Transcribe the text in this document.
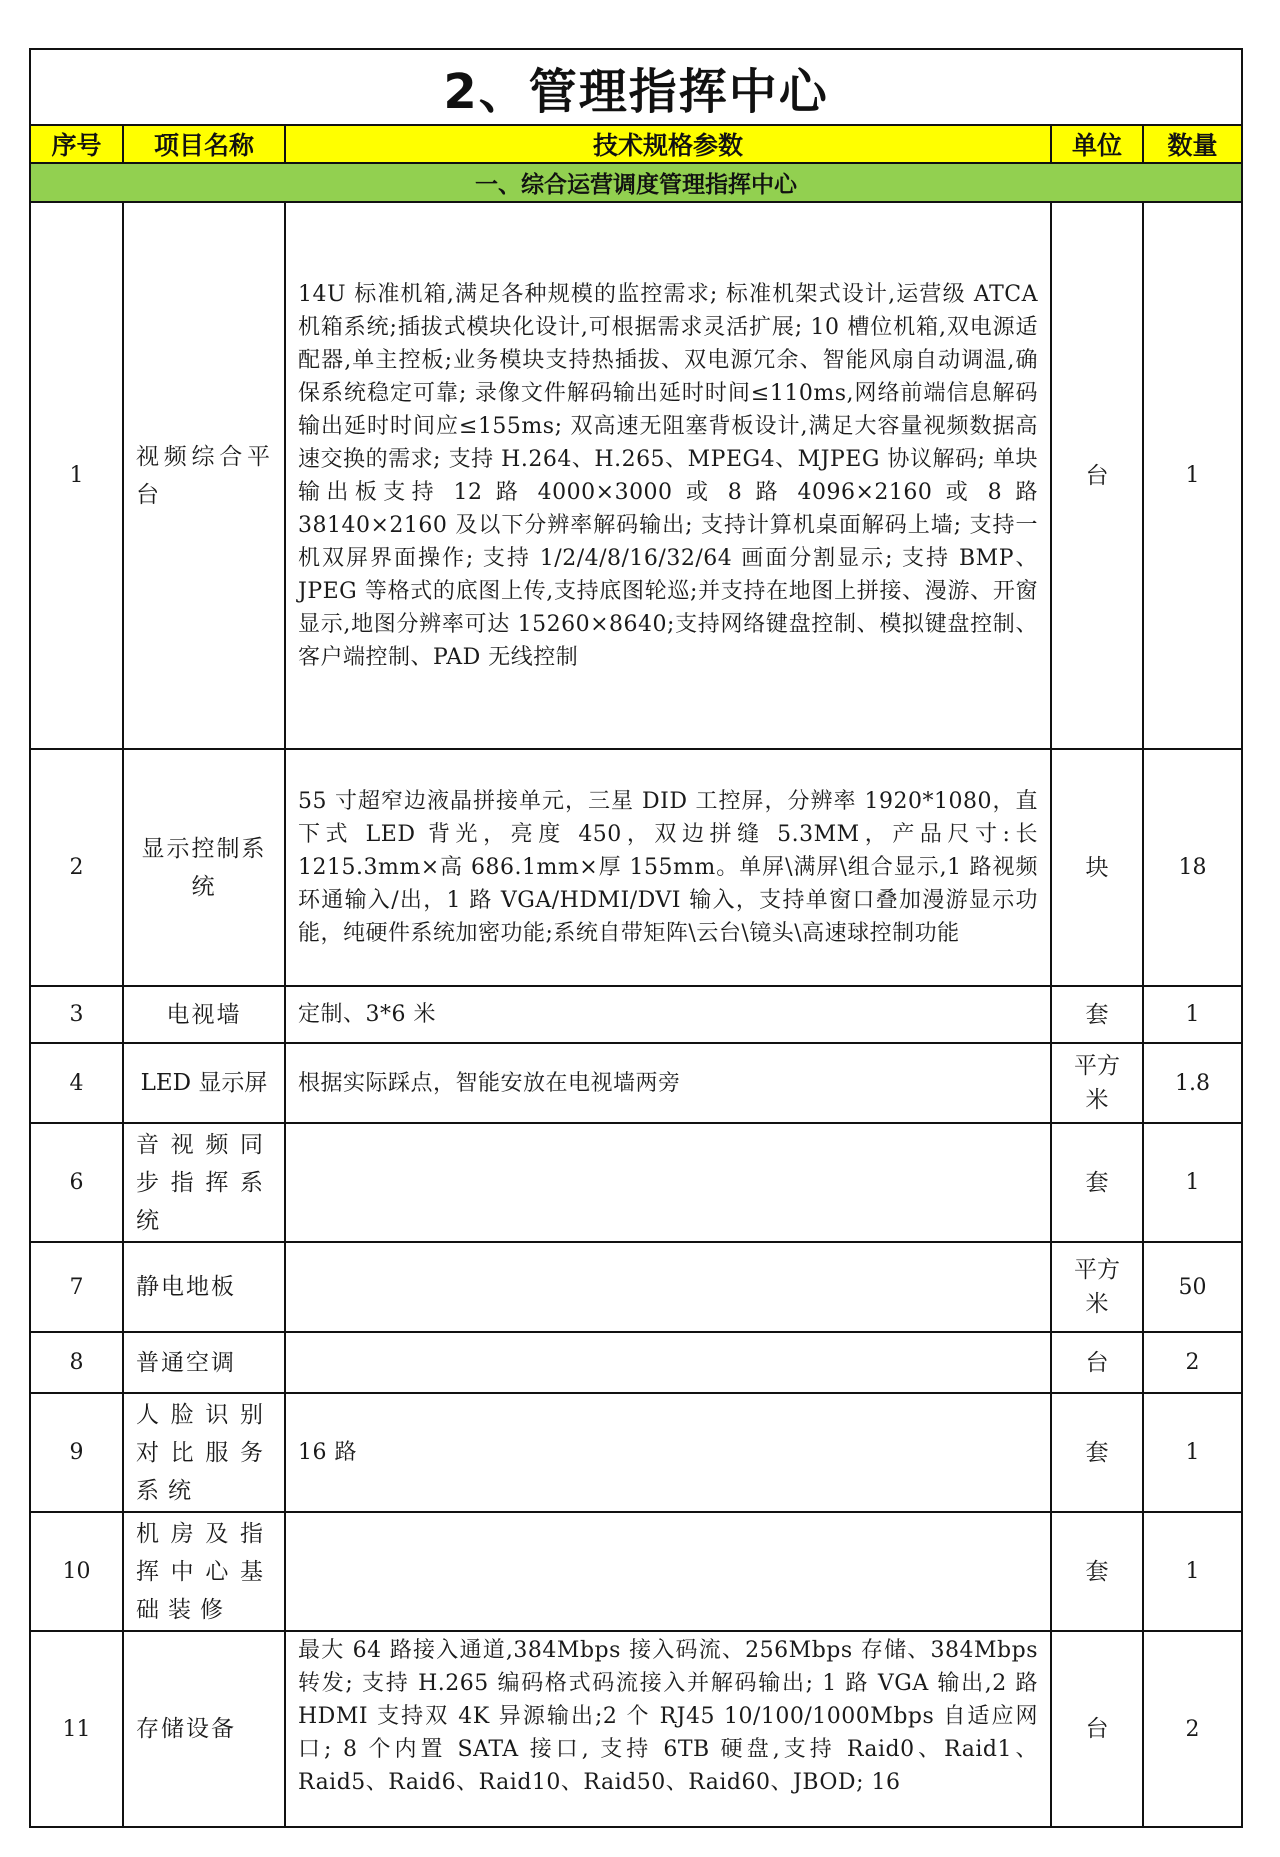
2、管理指挥中心				
序号	项目名称	技术规格参数	单位	数量
一、综合运营调度管理指挥中心				
1	视频综合平台	14U 标准机箱,满足各种规模的监控需求; 标准机架式设计,运营级 ATCA 机箱系统;插拔式模块化设计,可根据需求灵活扩展; 10 槽位机箱,双电源适配器,单主控板;业务模块支持热插拔、双电源冗余、智能风扇自动调温,确保系统稳定可靠; 录像文件解码输出延时时间≤110ms,网络前端信息解码输出延时时间应≤155ms; 双高速无阻塞背板设计,满足大容量视频数据高速交换的需求; 支持 H.264、H.265、MPEG4、MJPEG 协议解码; 单块输出板支持 12 路 4000×3000 或 8 路 4096×2160 或 8 路 38140×2160 及以下分辨率解码输出; 支持计算机桌面解码上墙; 支持一机双屏界面操作; 支持 1/2/4/8/16/32/64 画面分割显示; 支持 BMP、JPEG 等格式的底图上传,支持底图轮巡;并支持在地图上拼接、漫游、开窗显示,地图分辨率可达 15260×8640;支持网络键盘控制、模拟键盘控制、客户端控制、PAD 无线控制	台	1
2	显示控制系统	55 寸超窄边液晶拼接单元，三星 DID 工控屏，分辨率 1920*1080，直下式 LED 背光，亮度 450，双边拼缝 5.3MM，产品尺寸:长 1215.3mm×高 686.1mm×厚 155mm。单屏\满屏\组合显示,1 路视频环通输入/出，1 路 VGA/HDMI/DVI 输入，支持单窗口叠加漫游显示功能，纯硬件系统加密功能;系统自带矩阵\云台\镜头\高速球控制功能	块	18
3	电视墙	定制、3*6 米	套	1
4	LED 显示屏	根据实际踩点，智能安放在电视墙两旁	平方米	1.8
6	音视频同步指挥系统		套	1
7	静电地板		平方米	50
8	普通空调		台	2
9	人脸识别对比服务系统	16 路	套	1
10	机房及指挥中心基础装修		套	1
11	存储设备	最大 64 路接入通道,384Mbps 接入码流、256Mbps 存储、384Mbps 转发; 支持 H.265 编码格式码流接入并解码输出; 1 路 VGA 输出,2 路 HDMI 支持双 4K 异源输出;2 个 RJ45 10/100/1000Mbps 自适应网口; 8 个内置 SATA 接口, 支持 6TB 硬盘,支持 Raid0、Raid1、Raid5、Raid6、Raid10、Raid50、Raid60、JBOD; 16	台	2
